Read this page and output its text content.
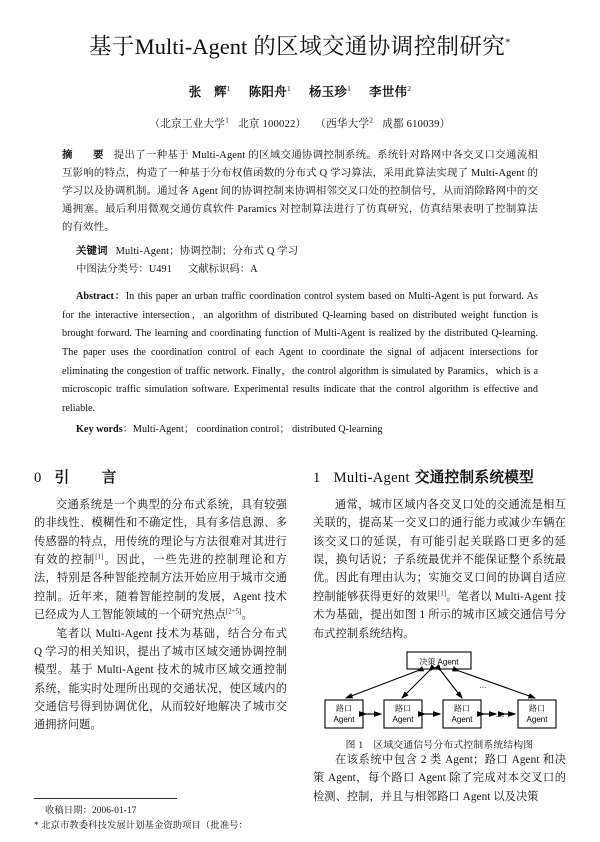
基于Multi-Agent 的区域交通协调控制研究*
张　辉$^1$ 陈阳舟$^1$ 杨玉珍$^1$ 李世伟$^2$
（北京工业大学$^1$ 北京 100022） （西华大学$^2$ 成都 610039）
摘　要 提出了一种基于 Multi-Agent 的区域交通协调控制系统。系统针对路网中各交叉口交通流相互影响的特点，构造了一种基于分布权值函数的分布式 Q 学习算法，采用此算法实现了 Multi-Agent 的学习以及协调机制。通过各 Agent 间的协调控制来协调相邻交叉口处的控制信号，从而消除路网中的交通拥塞。最后利用微观交通仿真软件 Paramics 对控制算法进行了仿真研究，仿真结果表明了控制算法的有效性。
关键词 Multi-Agent；协调控制；分布式 Q 学习
中图法分类号：U491 文献标识码：A
Abstract：In this paper an urban traffic coordination control system based on Multi-Agent is put forward. As for the interactive intersection，an algorithm of distributed Q-learning based on distributed weight function is brought forward. The learning and coordinating function of Multi-Agent is realized by the distributed Q-learning. The paper uses the coordination control of each Agent to coordinate the signal of adjacent intersections for eliminating the congestion of traffic network. Finally，the control algorithm is simulated by Paramics，which is a microscopic traffic simulation software. Experimental results indicate that the control algorithm is effective and reliable.
Key words：Multi-Agent； coordination control； distributed Q-learning
0 引　言

交通系统是一个典型的分布式系统，具有较强的非线性、模糊性和不确定性，具有多信息源、多传感器的特点，用传统的理论与方法很难对其进行有效的控制[1]。因此，一些先进的控制理论和方法，特别是各种智能控制方法开始应用于城市交通控制。近年来，随着智能控制的发展，Agent 技术已经成为人工智能领域的一个研究热点[2~5]。

笔者以 Multi-Agent 技术为基础，结合分布式 Q 学习的相关知识，提出了城市区域交通协调控制模型。基于 Multi-Agent 技术的城市区域交通控制系统，能实时处理所出现的交通状况，使区域内的交通信号得到协调优化，从而较好地解决了城市交通拥挤问题。

1 Multi-Agent 交通控制系统模型

通常，城市区域内各交叉口处的交通流是相互关联的，提高某一交叉口的通行能力或减少车辆在该交叉口的延误，有可能引起关联路口更多的延误，换句话说；子系统最优并不能保证整个系统最优。因此有理由认为；实施交叉口间的协调自适应控制能够获得更好的效果[1]。笔者以 Multi-Agent 技术为基础，提出如图 1 所示的城市区域交通信号分布式控制系统结构。

决策 Agent
路口
Agent
路口
Agent
路口
Agent
路口
Agent
…
…
图 1 区域交通信号分布式控制系统结构图

在该系统中包含 2 类 Agent；路口 Agent 和决策 Agent，每个路口 Agent 除了完成对本交叉口的检测、控制，并且与相邻路口 Agent 以及决策

收稿日期：2006-01-17
* 北京市教委科技发展计划基金资助项目（批准号：
